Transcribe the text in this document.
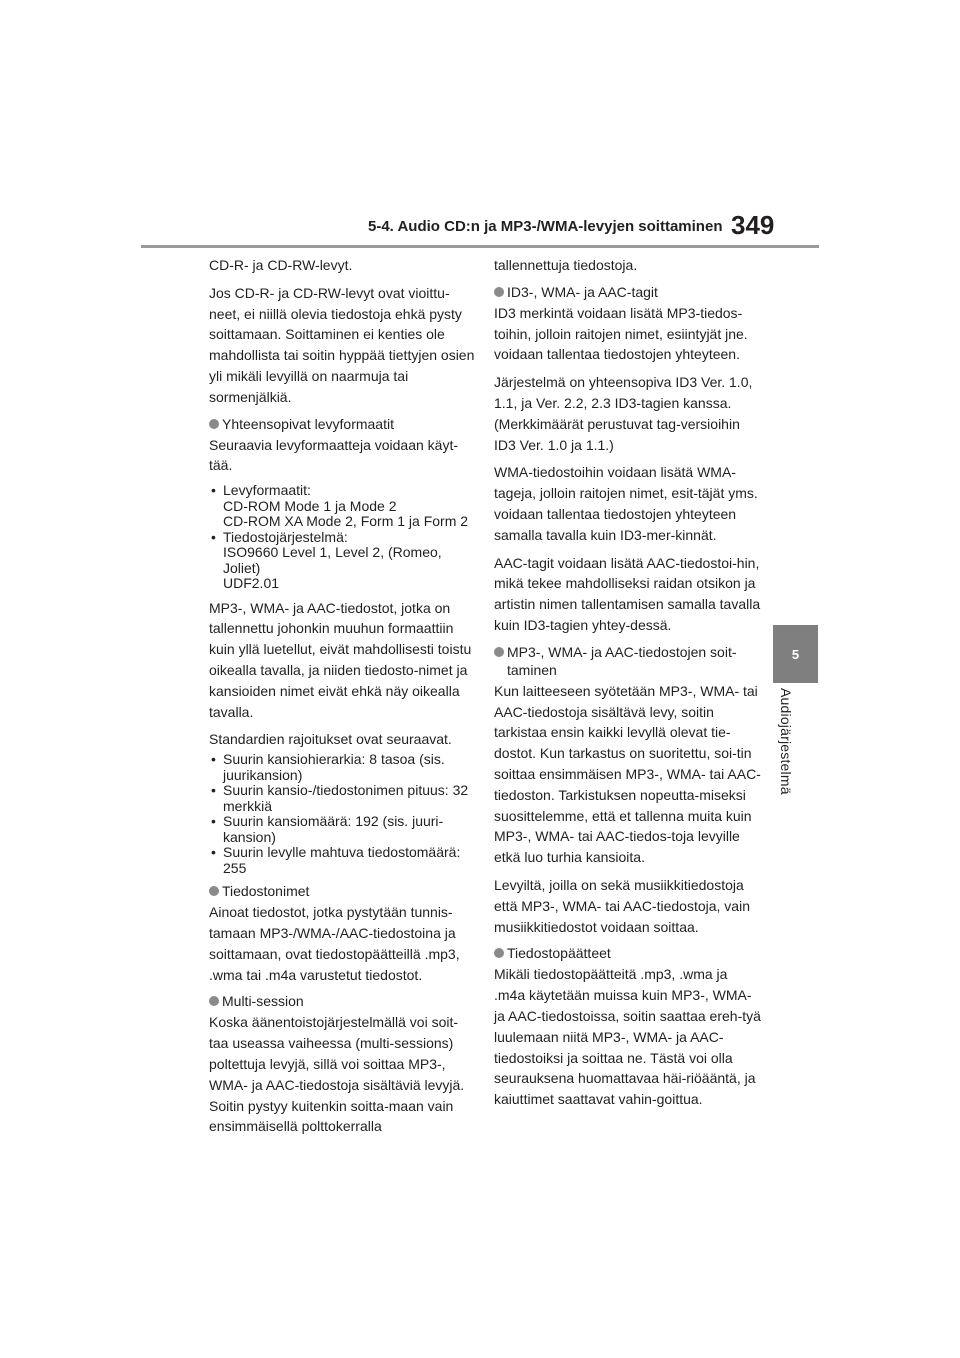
5-4. Audio CD:n ja MP3-/WMA-levyjen soittaminen 349
5
Audiojärjestelmä

CD-R- ja CD-RW-levyt.

Jos CD-R- ja CD-RW-levyt ovat vioittu-neet, ei niillä olevia tiedostoja ehkä pysty soittamaan. Soittaminen ei kenties ole mahdollista tai soitin hyppää tiettyjen osien yli mikäli levyillä on naarmuja tai sormenjälkiä.

Yhteensopivat levyformaatit

Seuraavia levyformaatteja voidaan käyt-tää.

• Levyformaatit:
CD-ROM Mode 1 ja Mode 2
CD-ROM XA Mode 2, Form 1 ja Form 2
• Tiedostojärjestelmä:
ISO9660 Level 1, Level 2, (Romeo, Joliet)
UDF2.01

MP3-, WMA- ja AAC-tiedostot, jotka on tallennettu johonkin muuhun formaattiin kuin yllä luetellut, eivät mahdollisesti toistu oikealla tavalla, ja niiden tiedosto-nimet ja kansioiden nimet eivät ehkä näy oikealla tavalla.

Standardien rajoitukset ovat seuraavat.

• Suurin kansiohierarkia: 8 tasoa (sis. juurikansion)
• Suurin kansio-/tiedostonimen pituus: 32 merkkiä
• Suurin kansiomäärä: 192 (sis. juuri-kansion)
• Suurin levylle mahtuva tiedostomäärä: 255
Tiedostonimet

Ainoat tiedostot, jotka pystytään tunnis-tamaan MP3-/WMA-/AAC-tiedostoina ja soittamaan, ovat tiedostopäätteillä .mp3, .wma tai .m4a varustetut tiedostot.

Multi-session

Koska äänentoistojärjestelmällä voi soit-taa useassa vaiheessa (multi-sessions) poltettuja levyjä, sillä voi soittaa MP3-, WMA- ja AAC-tiedostoja sisältäviä levyjä. Soitin pystyy kuitenkin soitta-maan vain ensimmäisellä polttokerralla

tallennettuja tiedostoja.

ID3-, WMA- ja AAC-tagit

ID3 merkintä voidaan lisätä MP3-tiedos-toihin, jolloin raitojen nimet, esiintyjät jne. voidaan tallentaa tiedostojen yhteyteen.

Järjestelmä on yhteensopiva ID3 Ver. 1.0, 1.1, ja Ver. 2.2, 2.3 ID3-tagien kanssa. (Merkkimäärät perustuvat tag-versioihin ID3 Ver. 1.0 ja 1.1.)

WMA-tiedostoihin voidaan lisätä WMA-tageja, jolloin raitojen nimet, esit-täjät yms. voidaan tallentaa tiedostojen yhteyteen samalla tavalla kuin ID3-mer-kinnät.

AAC-tagit voidaan lisätä AAC-tiedostoi-hin, mikä tekee mahdolliseksi raidan otsikon ja artistin nimen tallentamisen samalla tavalla kuin ID3-tagien yhtey-dessä.

MP3-, WMA- ja AAC-tiedostojen soit-taminen

Kun laitteeseen syötetään MP3-, WMA- tai AAC-tiedostoja sisältävä levy, soitin tarkistaa ensin kaikki levyllä olevat tie-dostot. Kun tarkastus on suoritettu, soi-tin soittaa ensimmäisen MP3-, WMA- tai AAC-tiedoston. Tarkistuksen nopeutta-miseksi suosittelemme, että et tallenna muita kuin MP3-, WMA- tai AAC-tiedos-toja levyille etkä luo turhia kansioita.

Levyiltä, joilla on sekä musiikkitiedostoja että MP3-, WMA- tai AAC-tiedostoja, vain musiikkitiedostot voidaan soittaa.

Tiedostopäätteet

Mikäli tiedostopäätteitä .mp3, .wma ja .m4a käytetään muissa kuin MP3-, WMA- ja AAC-tiedostoissa, soitin saattaa ereh-tyä luulemaan niitä MP3-, WMA- ja AAC-tiedostoiksi ja soittaa ne. Tästä voi olla seurauksena huomattavaa häi-riöääntä, ja kaiuttimet saattavat vahin-goittua.
